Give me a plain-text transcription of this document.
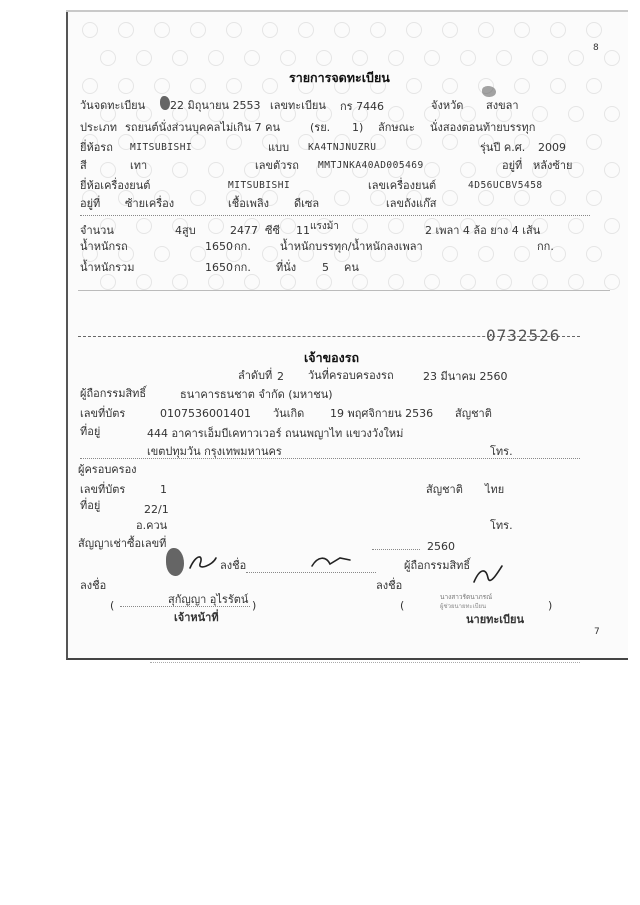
8
รายการจดทะเบียน
วันจดทะเบียน 22 มิถุนายน 2553 เลขทะเบียน กร 7446	จังหวัด สงขลา
ประเภท รถยนต์นั่งส่วนบุคคลไม่เกิน 7 คน	(รย. 1) ลักษณะ นั่งสองตอนท้ายบรรทุก
ยี่ห้อรถ MITSUBISHI	แบบ KA4TNJNUZRU	รุ่นปี ค.ศ. 2009
สี	เทา	เลขตัวรถ MMTJNKA40AD005469	อยู่ที่ หลังซ้าย
ยี่ห้อเครื่องยนต์	MITSUBISHI	เลขเครื่องยนต์	4D56UCBV5458
อยู่ที่ ซ้ายเครื่อง	เชื้อเพลิง ดีเซล	เลขถังแก๊ส
จำนวน	4สูบ	2477 ซีซี 11 แรงม้า	2 เพลา 4 ล้อ ยาง 4 เส้น
น้ำหนักรถ	1650 กก.	น้ำหนักบรรทุก/น้ำหนักลงเพลา	กก.
น้ำหนักรวม	1650 กก. ที่นั่ง 5 คน
0732526
เจ้าของรถ
ลำดับที่ 2 วันที่ครอบครองรถ	23 มีนาคม 2560
ผู้ถือกรรมสิทธิ์	ธนาคารธนชาต จำกัด (มหาชน)
เลขที่บัตร	0107536001401 วันเกิด 19 พฤศจิกายน 2536 สัญชาติ
ที่อยู่	444 อาคารเอ็มบีเคทาวเวอร์ ถนนพญาไท แขวงวังใหม่
เขตปทุมวัน กรุงเทพมหานคร	โทร.
ผู้ครอบครอง
เลขที่บัตร	1	สัญชาติ ไทย
ที่อยู่	22/1
อ.ควน	โทร.
สัญญาเช่าซื้อเลขที่	2560
ลงชื่อ	ผู้ถือกรรมสิทธิ์
ลงชื่อ
(	สุกัญญา อุไรรัตน์ )
เจ้าหน้าที่
ลงชื่อ
(
นางสาวรัตนาภรณ์
ผู้ช่วยนายทะเบียน	)
นายทะเบียน
7
